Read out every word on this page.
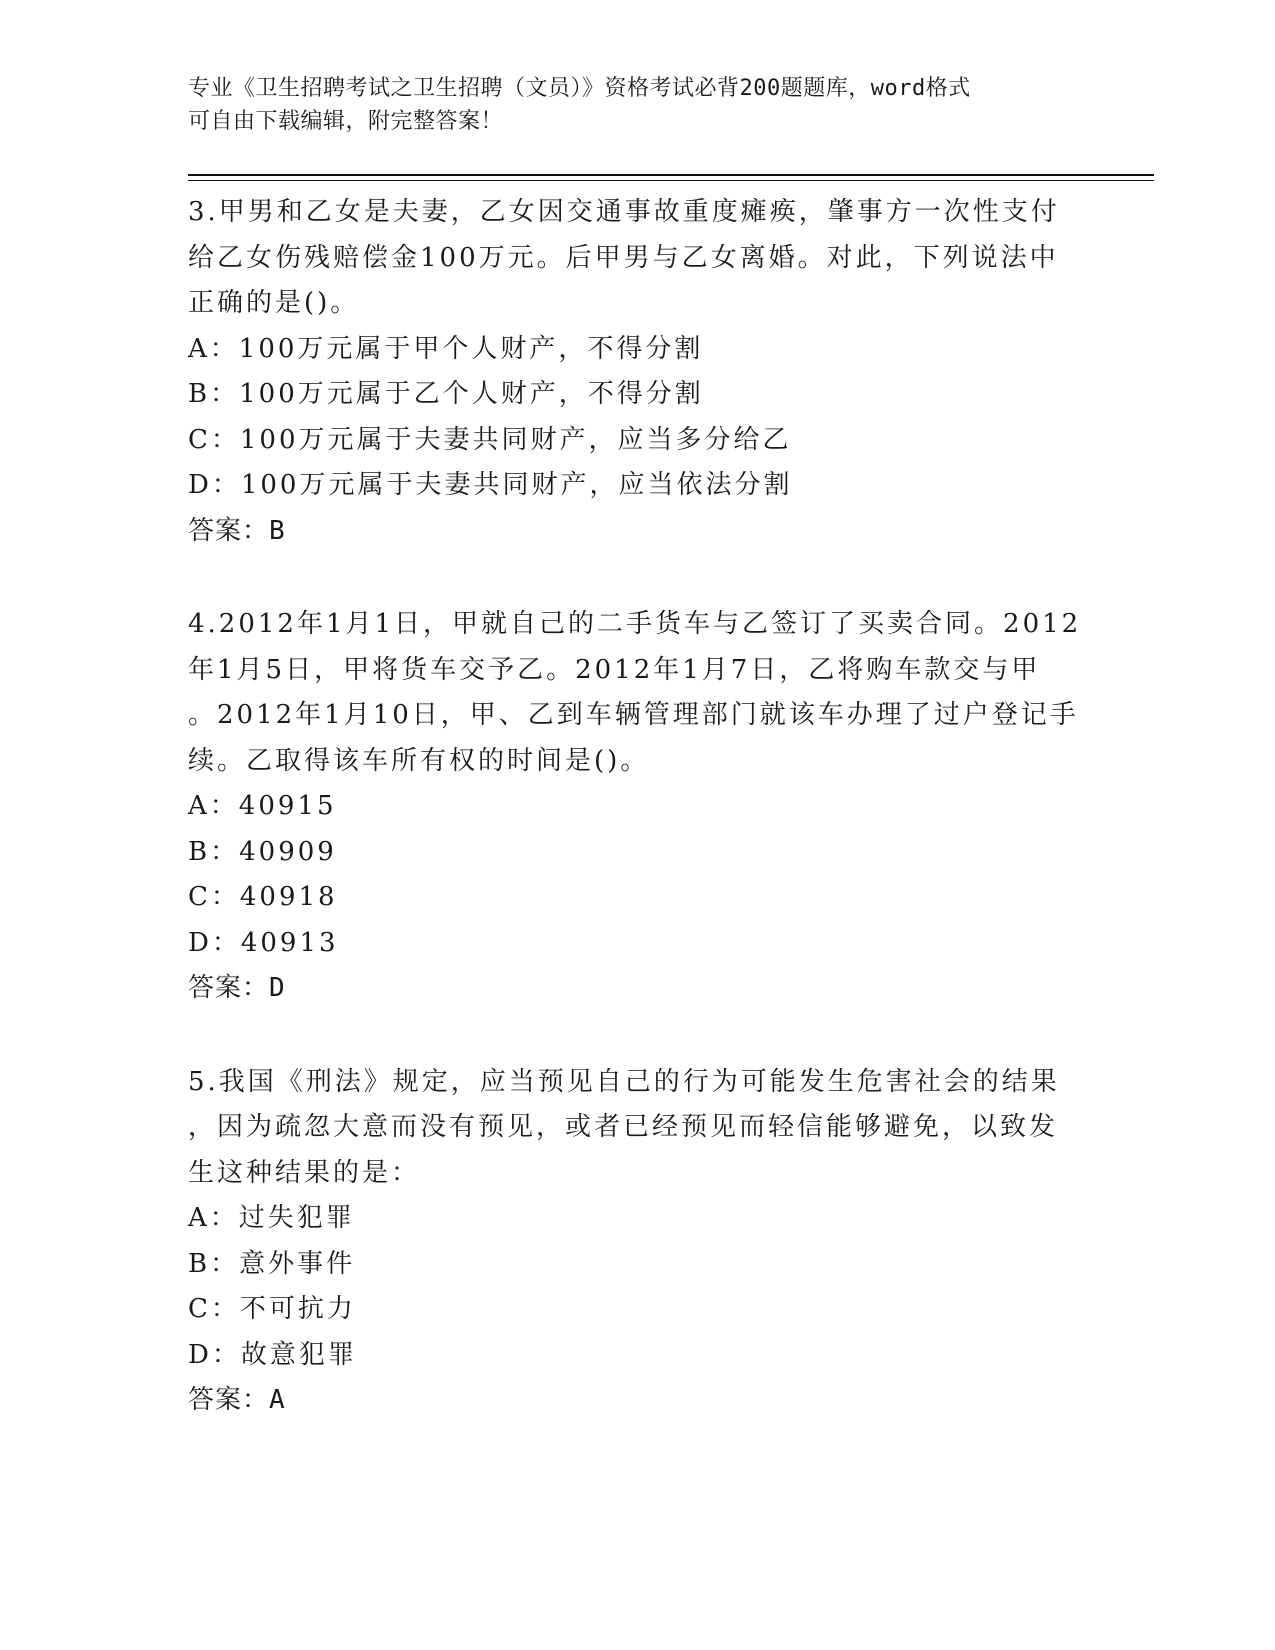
专业《卫生招聘考试之卫生招聘（文员）》资格考试必背200题题库，word格式
可自由下载编辑，附完整答案！
3.甲男和乙女是夫妻，乙女因交通事故重度瘫痪，肇事方一次性支付
给乙女伤残赔偿金100万元。后甲男与乙女离婚。对此，下列说法中
正确的是()。
A：100万元属于甲个人财产，不得分割
B：100万元属于乙个人财产，不得分割
C：100万元属于夫妻共同财产，应当多分给乙
D：100万元属于夫妻共同财产，应当依法分割
答案：B
4.2012年1月1日，甲就自己的二手货车与乙签订了买卖合同。2012
年1月5日，甲将货车交予乙。2012年1月7日，乙将购车款交与甲
。2012年1月10日，甲、乙到车辆管理部门就该车办理了过户登记手
续。乙取得该车所有权的时间是()。
A：40915
B：40909
C：40918
D：40913
答案：D
5.我国《刑法》规定，应当预见自己的行为可能发生危害社会的结果
，因为疏忽大意而没有预见，或者已经预见而轻信能够避免，以致发
生这种结果的是：
A：过失犯罪
B：意外事件
C：不可抗力
D：故意犯罪
答案：A
